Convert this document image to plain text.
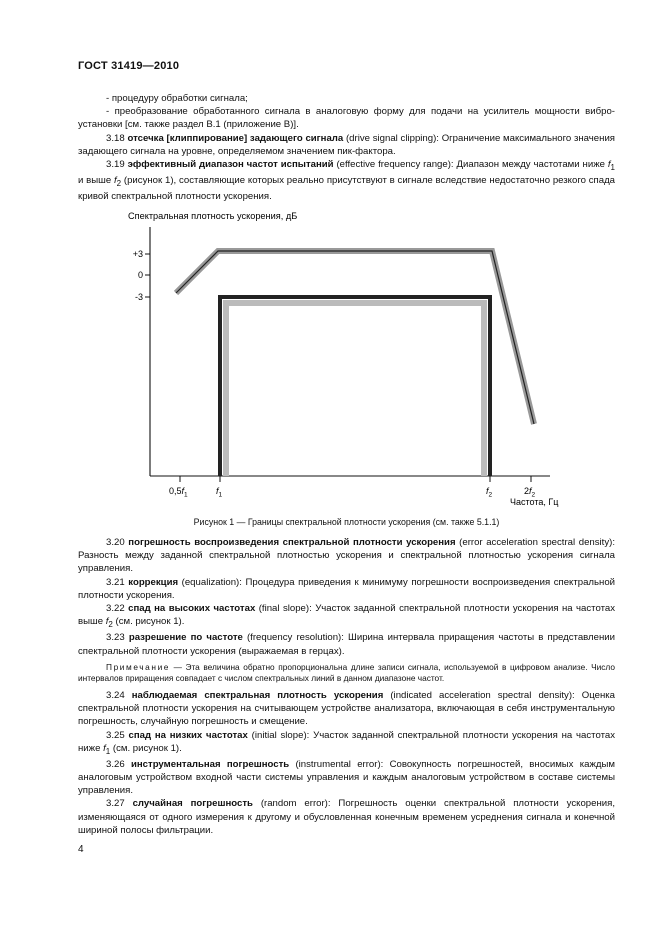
ГОСТ 31419—2010

- процедуру обработки сигнала;

- преобразование обработанного сигнала в аналоговую форму для подачи на усилитель мощности виброустановки [см. также раздел В.1 (приложение В)].

3.18 отсечка [клиппирование] задающего сигнала (drive signal clipping): Ограничение максимального значения задающего сигнала на уровне, определяемом значением пик-фактора.

3.19 эффективный диапазон частот испытаний (effective frequency range): Диапазон между частотами ниже $f_1$ и выше $f_2$ (рисунок 1), составляющие которых реально присутствуют в сигнале вследствие недостаточно резкого спада кривой спектральной плотности ускорения.

Спектральная плотность ускорения, дБ
+3
0
-3
$0,5f_1$	$f_1$	$f_2$	$2f_2$
Частота, Гц
Рисунок 1 — Границы спектральной плотности ускорения (см. также 5.1.1)

3.20 погрешность воспроизведения спектральной плотности ускорения (error acceleration spectral density): Разность между заданной спектральной плотностью ускорения и спектральной плотностью ускорения сигнала управления.

3.21 коррекция (equalization): Процедура приведения к минимуму погрешности воспроизведения спектральной плотности ускорения.

3.22 спад на высоких частотах (final slope): Участок заданной спектральной плотности ускорения на частотах выше $f_2$ (см. рисунок 1).

3.23 разрешение по частоте (frequency resolution): Ширина интервала приращения частоты в представлении спектральной плотности ускорения (выражаемая в герцах).

Примечание — Эта величина обратно пропорциональна длине записи сигнала, используемой в цифровом анализе. Число интервалов приращения совпадает с числом спектральных линий в данном диапазоне частот.

3.24 наблюдаемая спектральная плотность ускорения (indicated acceleration spectral density): Оценка спектральной плотности ускорения на считывающем устройстве анализатора, включающая в себя инструментальную погрешность, случайную погрешность и смещение.

3.25 спад на низких частотах (initial slope): Участок заданной спектральной плотности ускорения на частотах ниже $f_1$ (см. рисунок 1).

3.26 инструментальная погрешность (instrumental error): Совокупность погрешностей, вносимых каждым аналоговым устройством входной части системы управления и каждым аналоговым устройством в составе системы управления.

3.27 случайная погрешность (random error): Погрешность оценки спектральной плотности ускорения, изменяющаяся от одного измерения к другому и обусловленная конечным временем усреднения сигнала и конечной шириной полосы фильтрации.

4
